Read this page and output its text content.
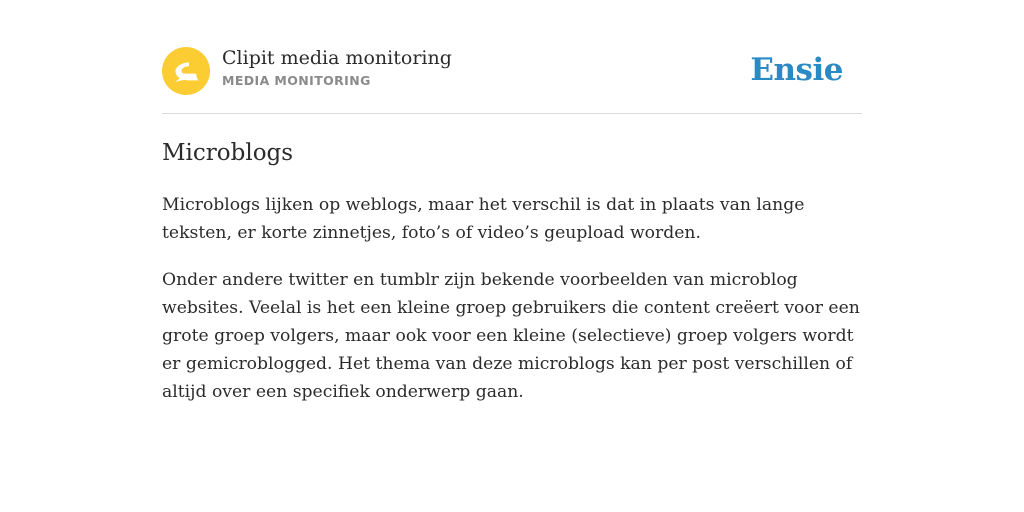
Clipit media monitoring
MEDIA MONITORING	Ensie
Microblogs

Microblogs lijken op weblogs, maar het verschil is dat in plaats van lange teksten, er korte zinnetjes, foto’s of video’s geupload worden.

Onder andere twitter en tumblr zijn bekende voorbeelden van microblog websites. Veelal is het een kleine groep gebruikers die content creëert voor een grote groep volgers, maar ook voor een kleine (selectieve) groep volgers wordt er gemicroblogged. Het thema van deze microblogs kan per post verschillen of altijd over een specifiek onderwerp gaan.
